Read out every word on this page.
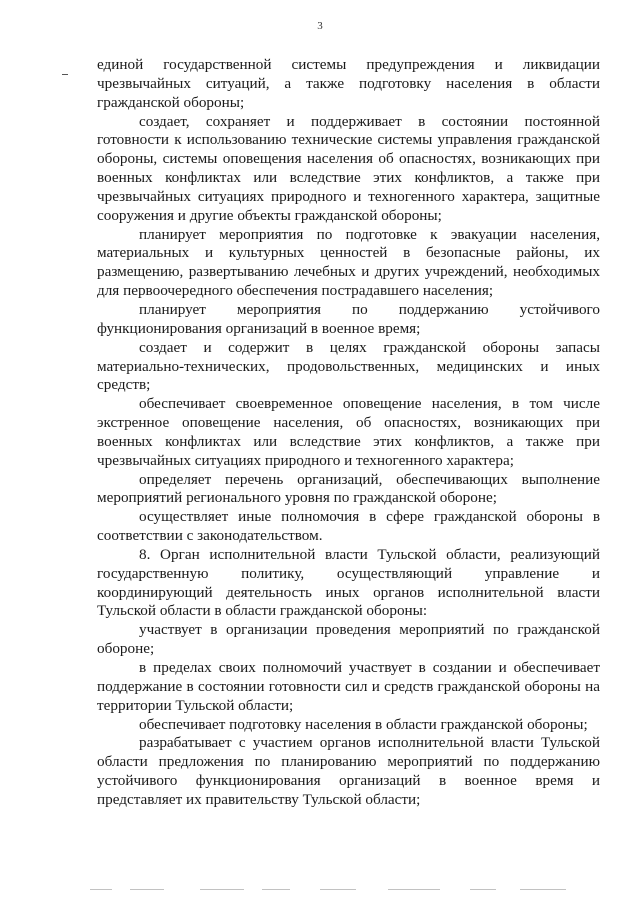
3

единой государственной системы предупреждения и ликвидации чрезвычайных ситуаций, а также подготовку населения в области гражданской обороны;

создает, сохраняет и поддерживает в состоянии постоянной готовности к использованию технические системы управления гражданской обороны, системы оповещения населения об опасностях, возникающих при военных конфликтах или вследствие этих конфликтов, а также при чрезвычайных ситуациях природного и техногенного характера, защитные сооружения и другие объекты гражданской обороны;

планирует мероприятия по подготовке к эвакуации населения, материальных и культурных ценностей в безопасные районы, их размещению, развертыванию лечебных и других учреждений, необходимых для первоочередного обеспечения пострадавшего населения;

планирует мероприятия по поддержанию устойчивого функционирования организаций в военное время;

создает и содержит в целях гражданской обороны запасы материально-технических, продовольственных, медицинских и иных средств;

обеспечивает своевременное оповещение населения, в том числе экстренное оповещение населения, об опасностях, возникающих при военных конфликтах или вследствие этих конфликтов, а также при чрезвычайных ситуациях природного и техногенного характера;

определяет перечень организаций, обеспечивающих выполнение мероприятий регионального уровня по гражданской обороне;

осуществляет иные полномочия в сфере гражданской обороны в соответствии с законодательством.

8. Орган исполнительной власти Тульской области, реализующий государственную политику, осуществляющий управление и координирующий деятельность иных органов исполнительной власти Тульской области в области гражданской обороны:

участвует в организации проведения мероприятий по гражданской обороне;

в пределах своих полномочий участвует в создании и обеспечивает поддержание в состоянии готовности сил и средств гражданской обороны на территории Тульской области;

обеспечивает подготовку населения в области гражданской обороны;

разрабатывает с участием органов исполнительной власти Тульской области предложения по планированию мероприятий по поддержанию устойчивого функционирования организаций в военное время и представляет их правительству Тульской области;
